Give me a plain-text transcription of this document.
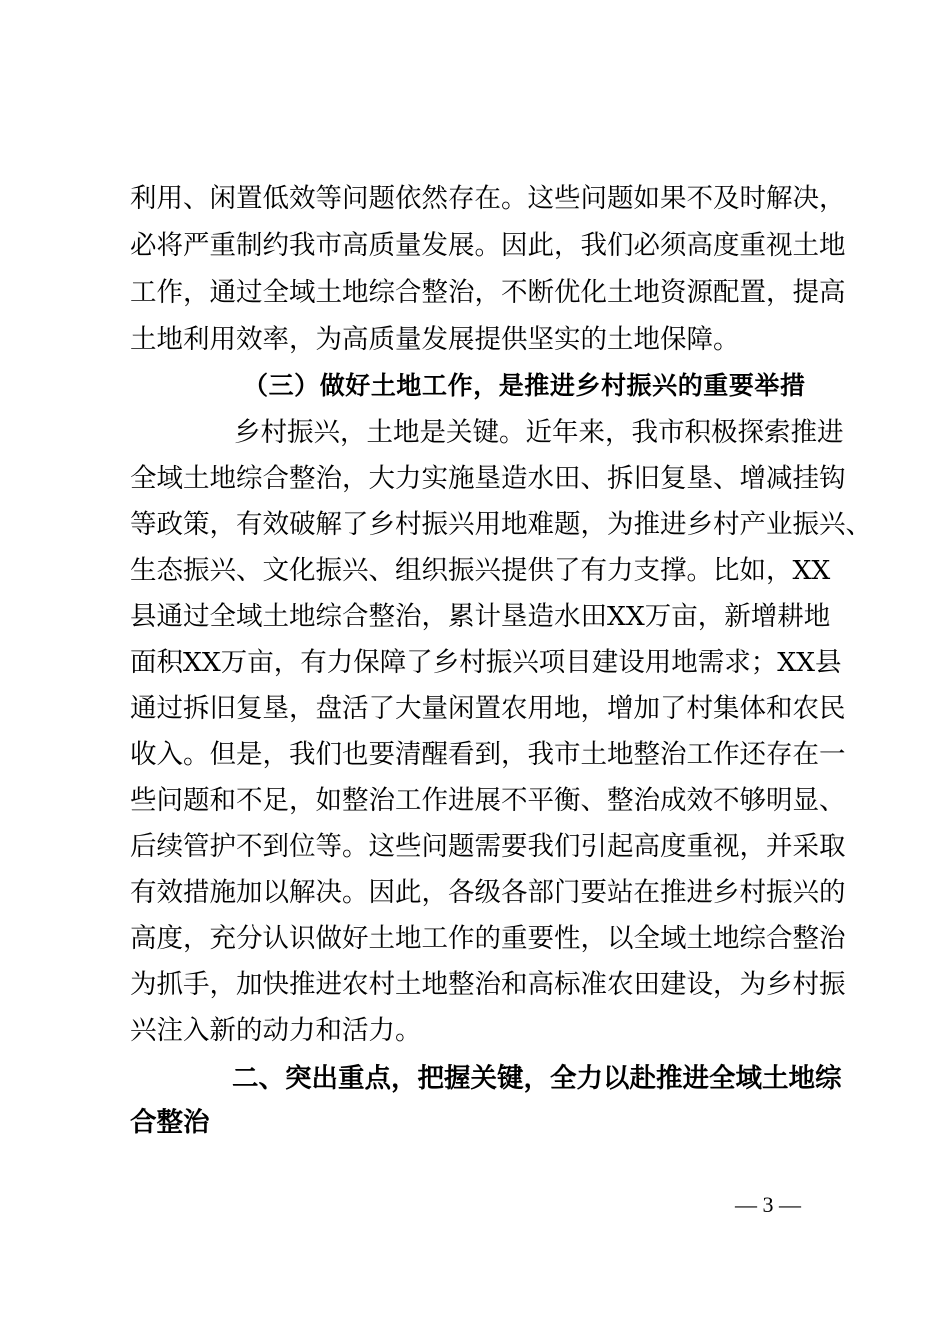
利用、闲置低效等问题依然存在。这些问题如果不及时解决，
必将严重制约我市高质量发展。因此，我们必须高度重视土地
工作，通过全域土地综合整治，不断优化土地资源配置，提高
土地利用效率，为高质量发展提供坚实的土地保障。
（三）做好土地工作，是推进乡村振兴的重要举措
乡村振兴，土地是关键。近年来，我市积极探索推进
全域土地综合整治，大力实施垦造水田、拆旧复垦、增减挂钩
等政策，有效破解了乡村振兴用地难题，为推进乡村产业振兴、
生态振兴、文化振兴、组织振兴提供了有力支撑。比如，XX
县通过全域土地综合整治，累计垦造水田XX万亩，新增耕地
面积XX万亩，有力保障了乡村振兴项目建设用地需求；XX县
通过拆旧复垦，盘活了大量闲置农用地，增加了村集体和农民
收入。但是，我们也要清醒看到，我市土地整治工作还存在一
些问题和不足，如整治工作进展不平衡、整治成效不够明显、
后续管护不到位等。这些问题需要我们引起高度重视，并采取
有效措施加以解决。因此，各级各部门要站在推进乡村振兴的
高度，充分认识做好土地工作的重要性，以全域土地综合整治
为抓手，加快推进农村土地整治和高标准农田建设，为乡村振
兴注入新的动力和活力。
二、突出重点，把握关键，全力以赴推进全域土地综
合整治
— 3 —
